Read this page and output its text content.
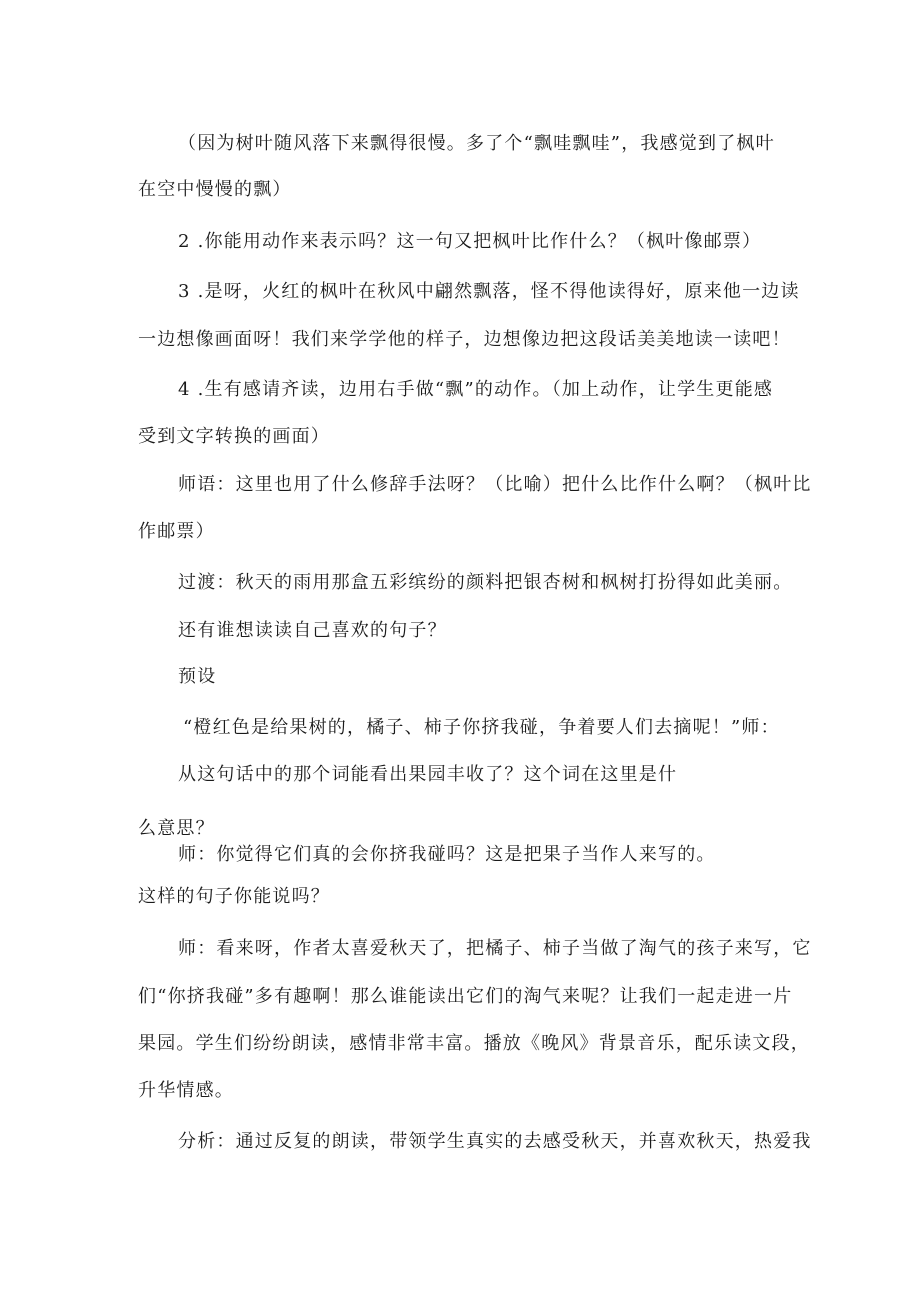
（因为树叶随风落下来飘得很慢。多了个“飘哇飘哇”，我感觉到了枫叶

在空中慢慢的飘）

2 .你能用动作来表示吗？这一句又把枫叶比作什么？（枫叶像邮票）

3 .是呀，火红的枫叶在秋风中翩然飘落，怪不得他读得好，原来他一边读

一边想像画面呀！我们来学学他的样子，边想像边把这段话美美地读一读吧！

4 .生有感请齐读，边用右手做“飘”的动作。（加上动作，让学生更能感

受到文字转换的画面）

师语：这里也用了什么修辞手法呀？（比喻）把什么比作什么啊？（枫叶比

作邮票）

过渡：秋天的雨用那盒五彩缤纷的颜料把银杏树和枫树打扮得如此美丽。

还有谁想读读自己喜欢的句子？

预设

“橙红色是给果树的，橘子、柿子你挤我碰，争着要人们去摘呢！”师：

从这句话中的那个词能看出果园丰收了？这个词在这里是什

么意思？

师：你觉得它们真的会你挤我碰吗？这是把果子当作人来写的。

这样的句子你能说吗？

师：看来呀，作者太喜爱秋天了，把橘子、柿子当做了淘气的孩子来写，它

们“你挤我碰”多有趣啊！那么谁能读出它们的淘气来呢？让我们一起走进一片

果园。学生们纷纷朗读，感情非常丰富。播放《晚风》背景音乐，配乐读文段，

升华情感。

分析：通过反复的朗读，带领学生真实的去感受秋天，并喜欢秋天，热爱我
